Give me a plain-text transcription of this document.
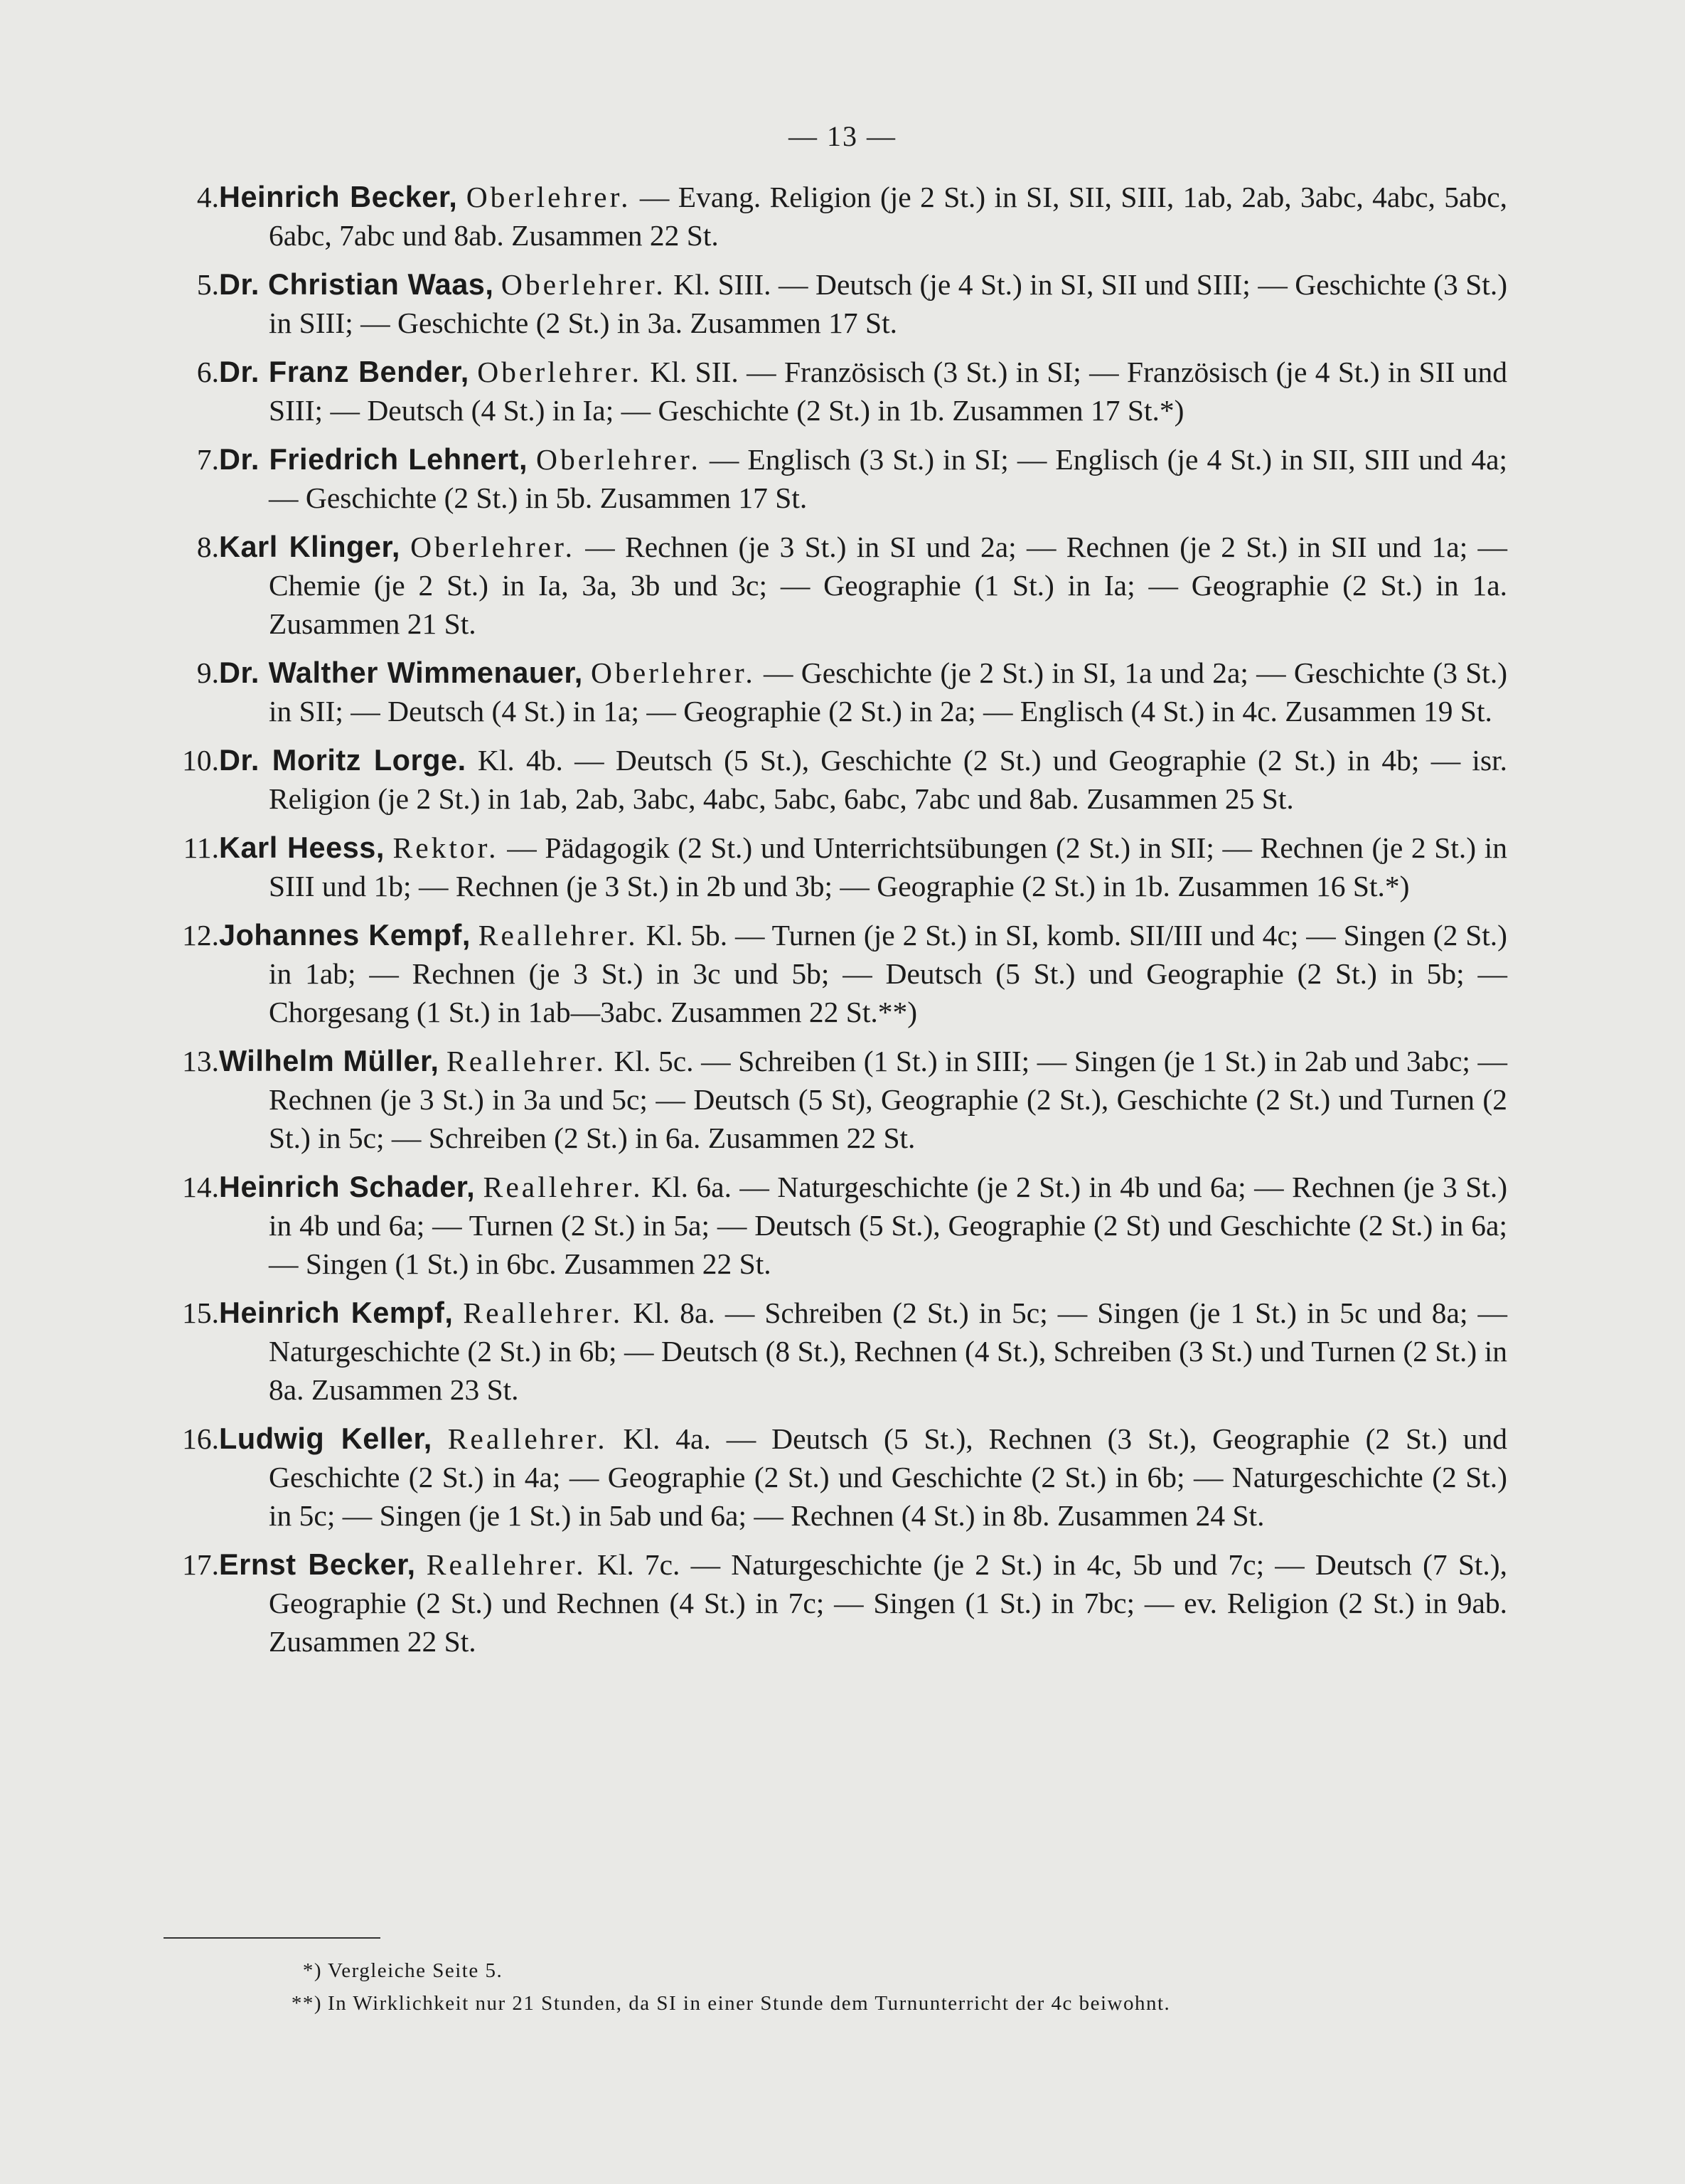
— 13 —
4. Heinrich Becker, Oberlehrer. — Evang. Religion (je 2 St.) in SI, SII, SIII, 1ab, 2ab, 3abc, 4abc, 5abc, 6abc, 7abc und 8ab. Zusammen 22 St.
5. Dr. Christian Waas, Oberlehrer. Kl. SIII. — Deutsch (je 4 St.) in SI, SII und SIII; — Geschichte (3 St.) in SIII; — Geschichte (2 St.) in 3a. Zusammen 17 St.
6. Dr. Franz Bender, Oberlehrer. Kl. SII. — Französisch (3 St.) in SI; — Französisch (je 4 St.) in SII und SIII; — Deutsch (4 St.) in Ia; — Geschichte (2 St.) in 1b. Zusammen 17 St.*)
7. Dr. Friedrich Lehnert, Oberlehrer. — Englisch (3 St.) in SI; — Englisch (je 4 St.) in SII, SIII und 4a; — Geschichte (2 St.) in 5b. Zusammen 17 St.
8. Karl Klinger, Oberlehrer. — Rechnen (je 3 St.) in SI und 2a; — Rechnen (je 2 St.) in SII und 1a; — Chemie (je 2 St.) in Ia, 3a, 3b und 3c; — Geographie (1 St.) in Ia; — Geographie (2 St.) in 1a. Zusammen 21 St.
9. Dr. Walther Wimmenauer, Oberlehrer. — Geschichte (je 2 St.) in SI, 1a und 2a; — Geschichte (3 St.) in SII; — Deutsch (4 St.) in 1a; — Geographie (2 St.) in 2a; — Englisch (4 St.) in 4c. Zusammen 19 St.
10. Dr. Moritz Lorge. Kl. 4b. — Deutsch (5 St.), Geschichte (2 St.) und Geographie (2 St.) in 4b; — isr. Religion (je 2 St.) in 1ab, 2ab, 3abc, 4abc, 5abc, 6abc, 7abc und 8ab. Zusammen 25 St.
11. Karl Heess, Rektor. — Pädagogik (2 St.) und Unterrichtsübungen (2 St.) in SII; — Rechnen (je 2 St.) in SIII und 1b; — Rechnen (je 3 St.) in 2b und 3b; — Geographie (2 St.) in 1b. Zusammen 16 St.*)
12. Johannes Kempf, Reallehrer. Kl. 5b. — Turnen (je 2 St.) in SI, komb. SII/III und 4c; — Singen (2 St.) in 1ab; — Rechnen (je 3 St.) in 3c und 5b; — Deutsch (5 St.) und Geographie (2 St.) in 5b; — Chorgesang (1 St.) in 1ab—3abc. Zusammen 22 St.**)
13. Wilhelm Müller, Reallehrer. Kl. 5c. — Schreiben (1 St.) in SIII; — Singen (je 1 St.) in 2ab und 3abc; — Rechnen (je 3 St.) in 3a und 5c; — Deutsch (5 St), Geographie (2 St.), Geschichte (2 St.) und Turnen (2 St.) in 5c; — Schreiben (2 St.) in 6a. Zusammen 22 St.
14. Heinrich Schader, Reallehrer. Kl. 6a. — Naturgeschichte (je 2 St.) in 4b und 6a; — Rechnen (je 3 St.) in 4b und 6a; — Turnen (2 St.) in 5a; — Deutsch (5 St.), Geographie (2 St) und Geschichte (2 St.) in 6a; — Singen (1 St.) in 6bc. Zusammen 22 St.
15. Heinrich Kempf, Reallehrer. Kl. 8a. — Schreiben (2 St.) in 5c; — Singen (je 1 St.) in 5c und 8a; — Naturgeschichte (2 St.) in 6b; — Deutsch (8 St.), Rechnen (4 St.), Schreiben (3 St.) und Turnen (2 St.) in 8a. Zusammen 23 St.
16. Ludwig Keller, Reallehrer. Kl. 4a. — Deutsch (5 St.), Rechnen (3 St.), Geographie (2 St.) und Geschichte (2 St.) in 4a; — Geographie (2 St.) und Geschichte (2 St.) in 6b; — Naturgeschichte (2 St.) in 5c; — Singen (je 1 St.) in 5ab und 6a; — Rechnen (4 St.) in 8b. Zusammen 24 St.
17. Ernst Becker, Reallehrer. Kl. 7c. — Naturgeschichte (je 2 St.) in 4c, 5b und 7c; — Deutsch (7 St.), Geographie (2 St.) und Rechnen (4 St.) in 7c; — Singen (1 St.) in 7bc; — ev. Religion (2 St.) in 9ab. Zusammen 22 St.
*) Vergleiche Seite 5.
**) In Wirklichkeit nur 21 Stunden, da SI in einer Stunde dem Turnunterricht der 4c beiwohnt.
